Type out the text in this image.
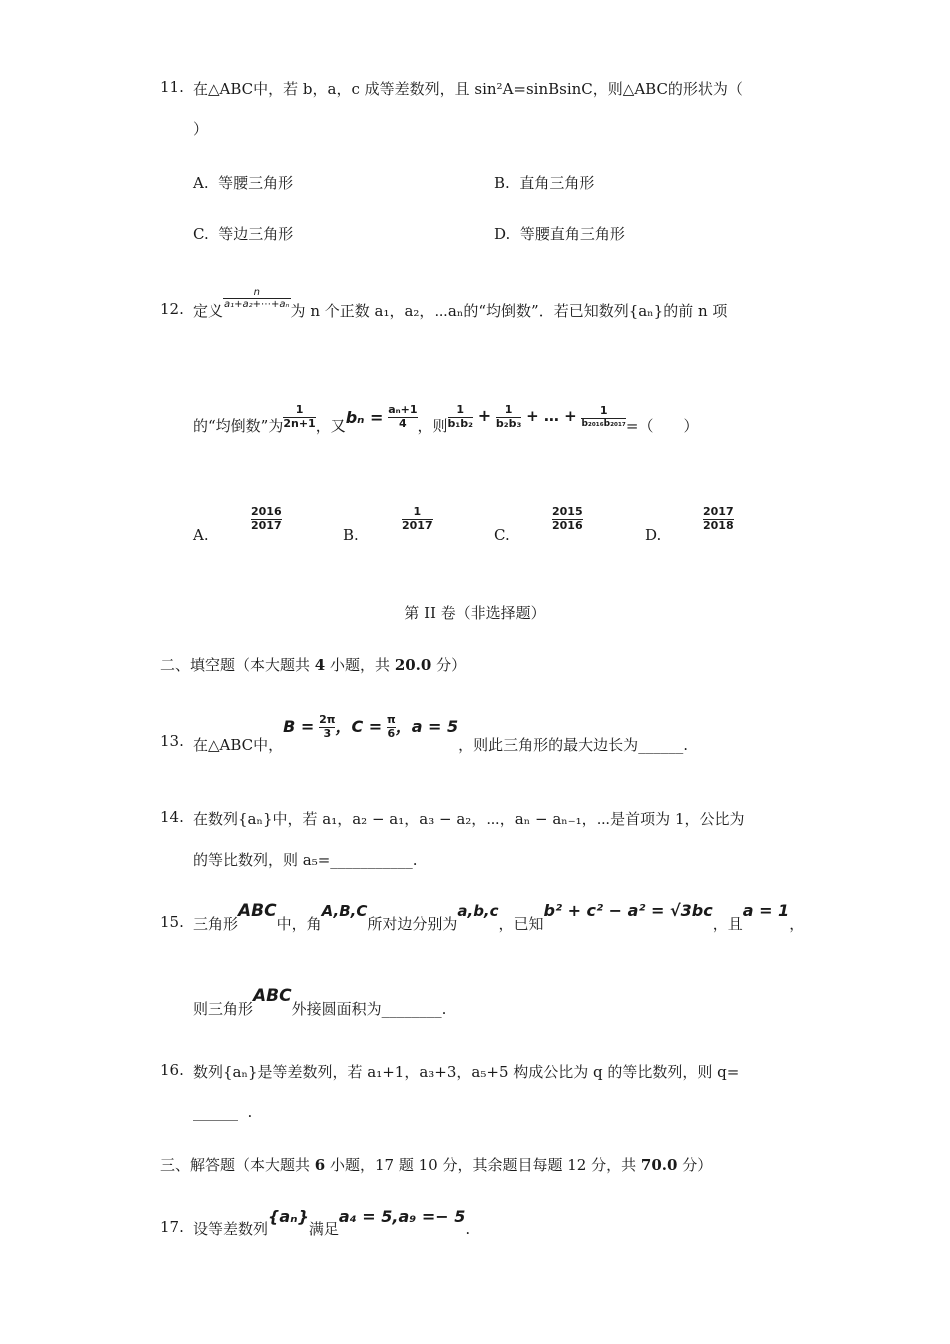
11. 在△ABC中，若 b，a，c 成等差数列，且 sin²A=sinBsinC，则△ABC的形状为（
）
A. 等腰三角形	B. 直角三角形
C. 等边三角形	D. 等腰直角三角形
12. 定义
$\frac{n}{\text{a₁+a₂+⋯+aₙ}}$
为 n 个正数 a₁，a₂，⋯aₙ的“均倒数”．若已知数列{aₙ}的前 n 项
的“均倒数”为 $\frac{1}{2n+1}$ ，又$b_n = \frac{\text{aₙ+1}}{4}$ ，则 $\frac{1}{\text{b₁b₂}} + \frac{1}{\text{b₂b₃}}$ + … +	1
b₂₀₁₆b₂₀₁₇ =（　　）
A.
$\frac{2016}{2017}$
B.
$\frac{1}{2017}$
C.
$\frac{2015}{2016}$
D.
$\frac{2017}{2018}$
第 II 卷（非选择题）
二、填空题（本大题共 4 小题，共 20.0 分）
13. 在△ABC中，$B = \frac{2\pi}{3}$ ，$C = \frac{\pi}{6}$ ，a = 5，则此三角形的最大边长为______.
14. 在数列{aₙ}中，若 a₁，a₂ − a₁，a₃ − a₂，⋯，aₙ − aₙ₋₁，⋯是首项为 1，公比为
的等比数列，则 a₅=___________.
15. 三角形ABC中，角A,B,C所对边分别为a,b,c，已知b² + c² − a² = √3bc，且a = 1，
则三角形ABC外接圆面积为________.
16. 数列{aₙ}是等差数列，若 a₁+1，a₃+3，a₅+5 构成公比为 q 的等比数列，则 q=
______ .
三、解答题（本大题共 6 小题，17 题 10 分，其余题目每题 12 分，共 70.0 分）
17. 设等差数列{aₙ}满足a₄ = 5,a₉ =− 5.
